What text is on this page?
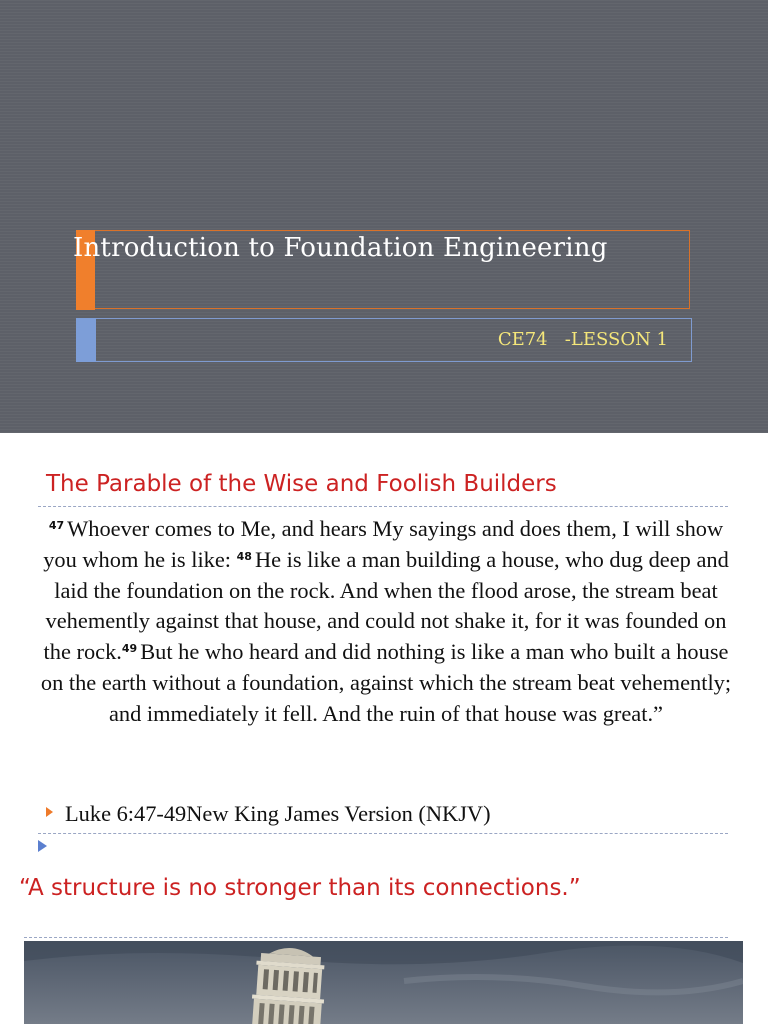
Introduction to Foundation Engineering
CE74   -LESSON 1
The Parable of the Wise and Foolish Builders
$^{47}$ Whoever comes to Me, and hears My sayings and does them, I will show you whom he is like: $^{48}$ He is like a man building a house, who dug deep and laid the foundation on the rock. And when the flood arose, the stream beat vehemently against that house, and could not shake it, for it was founded on the rock.$^{49}$ But he who heard and did nothing is like a man who built a house on the earth without a foundation, against which the stream beat vehemently; and immediately it fell. And the ruin of that house was great.”
Luke 6:47-49New King James Version (NKJV)
“A structure is no stronger than its connections.”
